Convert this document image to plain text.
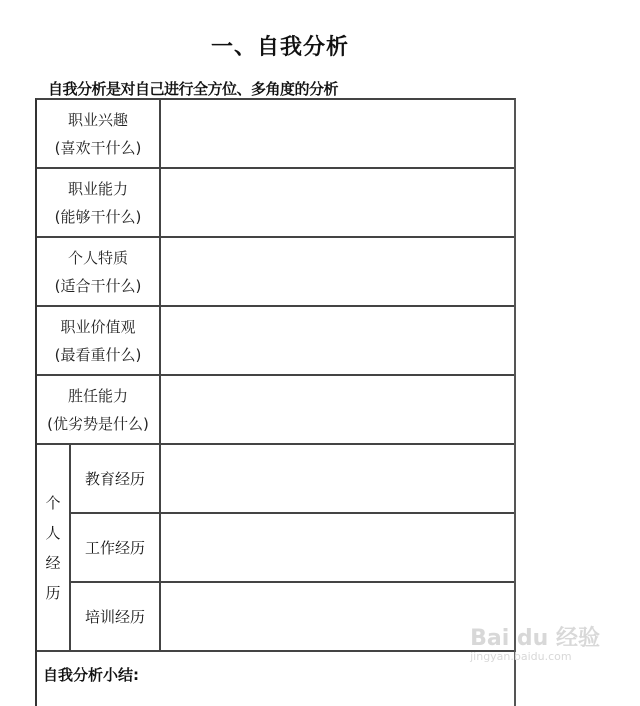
一、自我分析
自我分析是对自己进行全方位、多角度的分析
职业兴趣
(喜欢干什么)
职业能力
(能够干什么)
个人特质
(适合干什么)
职业价值观
(最看重什么)
胜任能力
(优劣势是什么)
个
人
经
历
教育经历
工作经历
培训经历
自我分析小结:
Bai du 经验
jingyan.baidu.com
